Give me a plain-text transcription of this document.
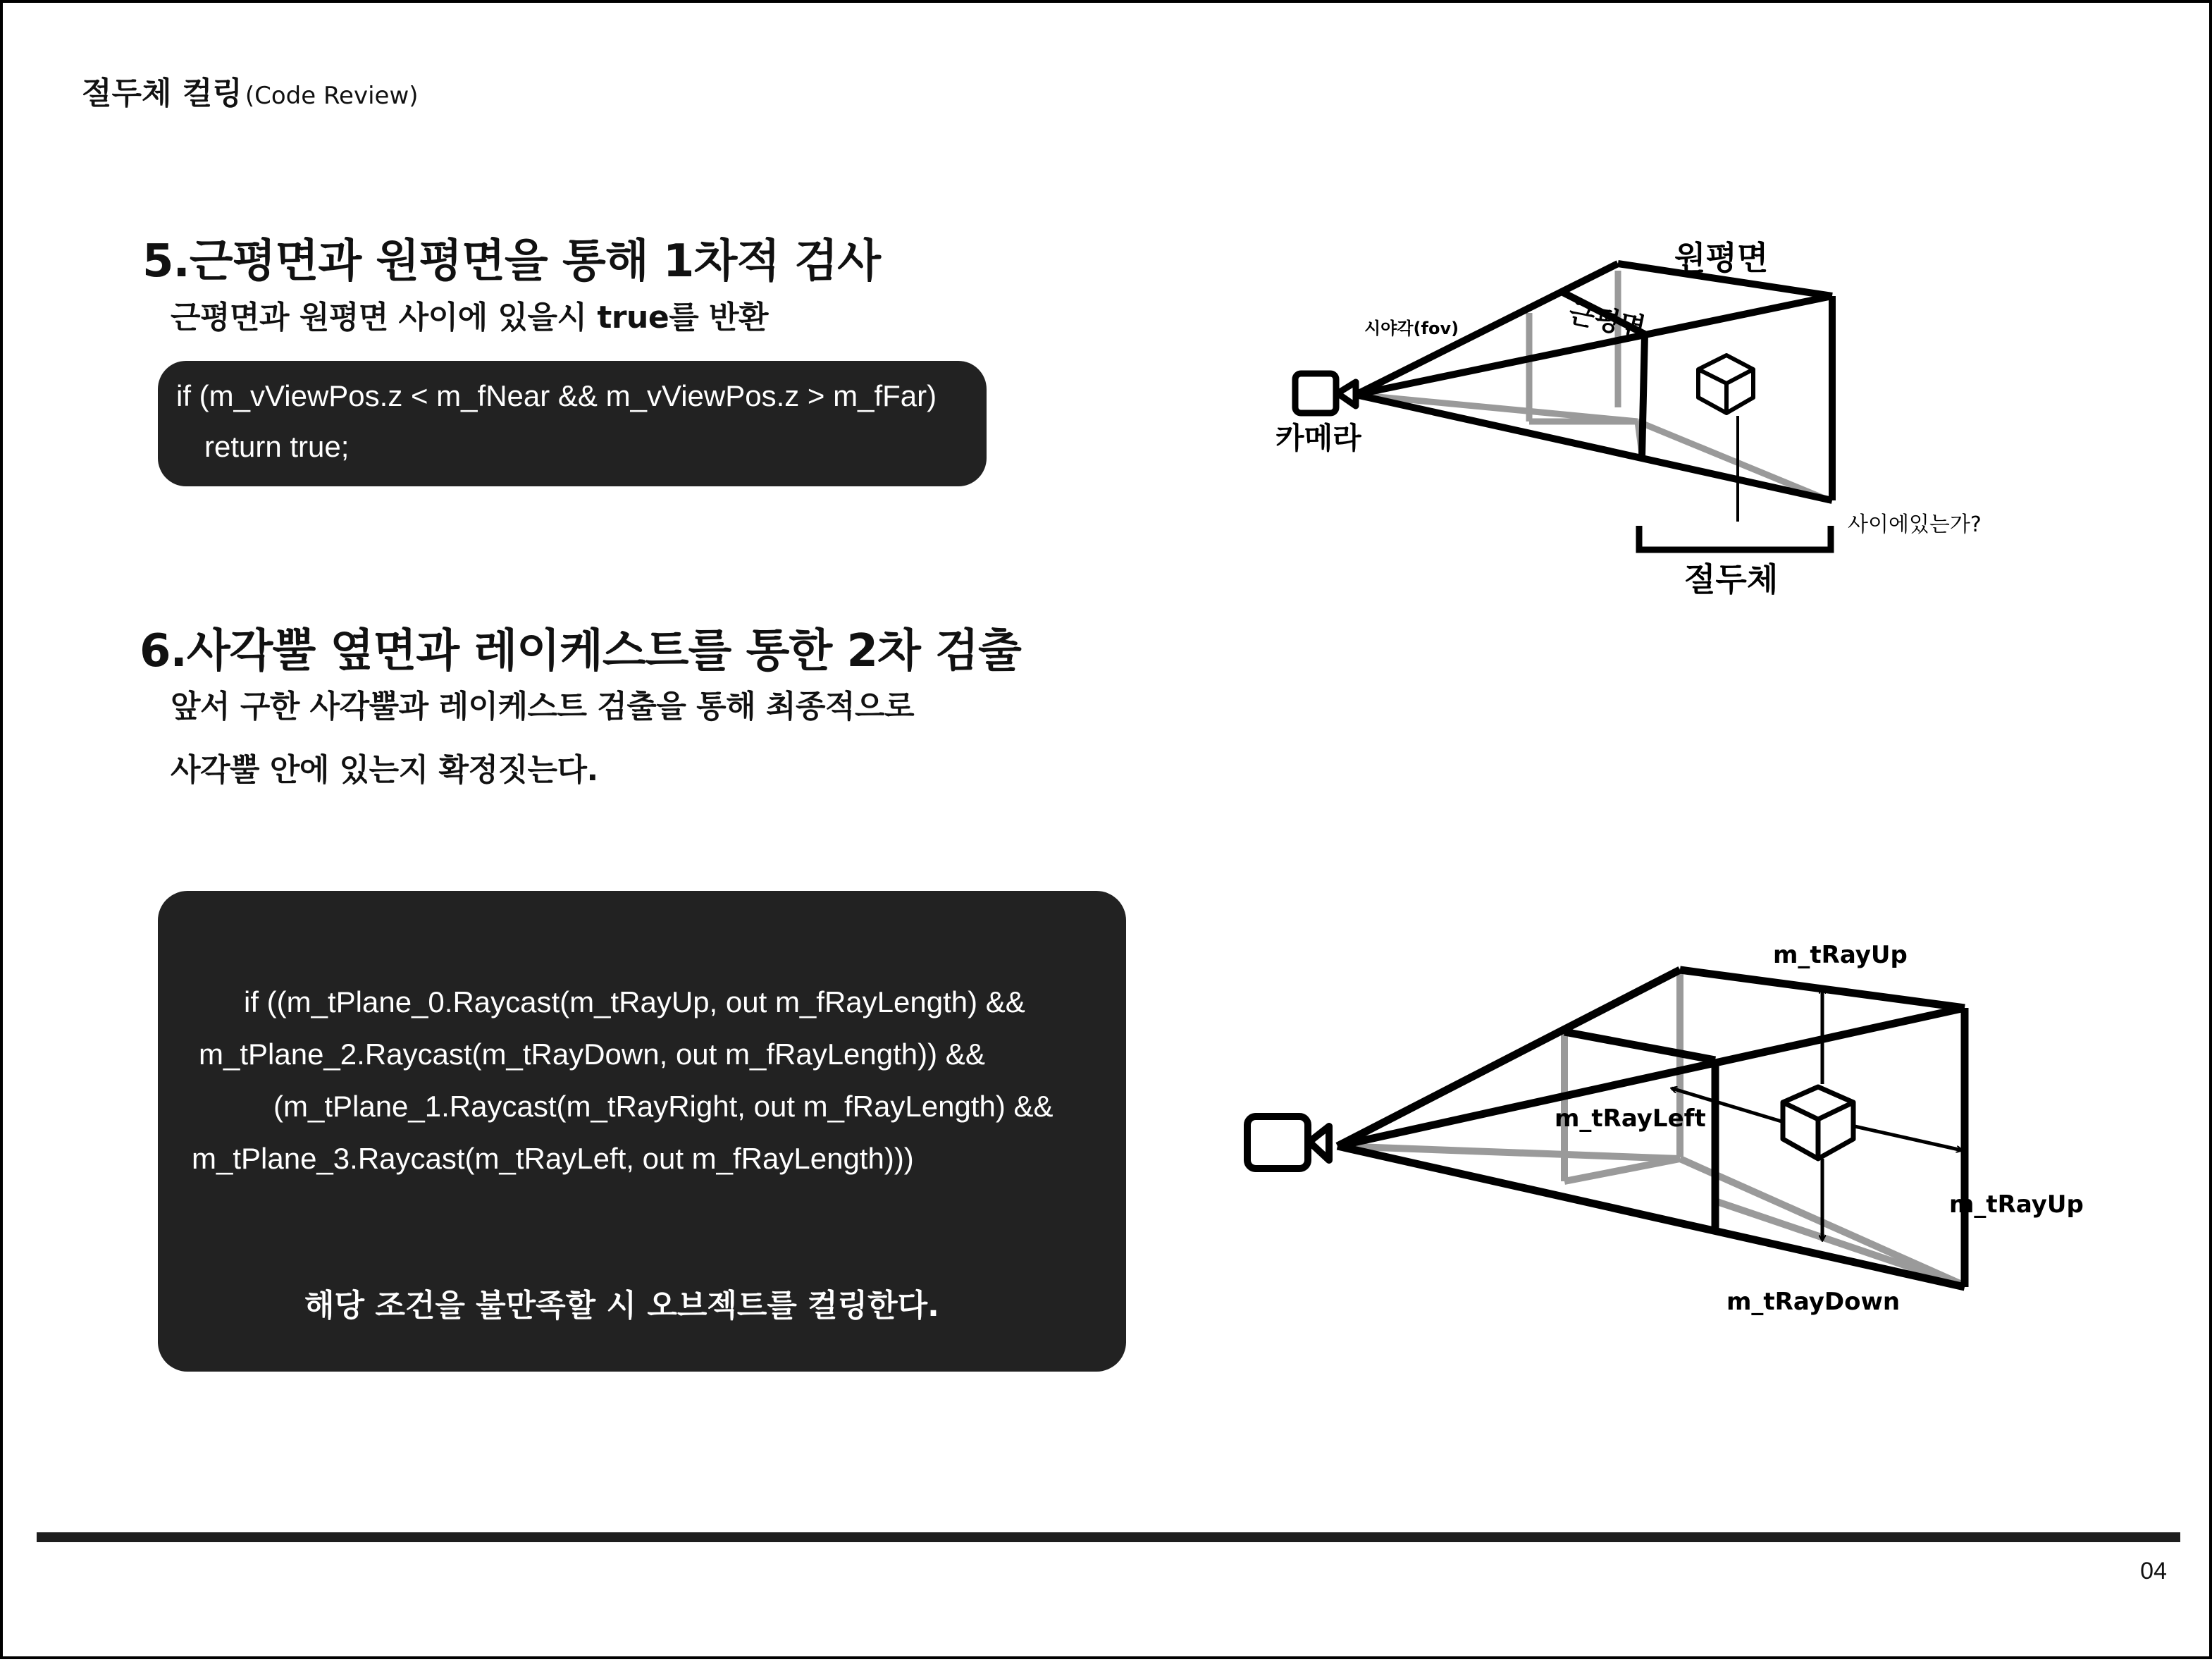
절두체 컬링 (Code Review)
5.근평면과 원평면을 통해 1차적 검사
근평면과 원평면 사이에 있을시 true를 반환
if (m_vViewPos.z < m_fNear && m_vViewPos.z > m_fFar)
return true;
6.사각뿔 옆면과 레이케스트를 통한 2차 검출
앞서 구한 사각뿔과 레이케스트 검출을 통해 최종적으로
사각뿔 안에 있는지 확정짓는다.
if ((m_tPlane_0.Raycast(m_tRayUp, out m_fRayLength) &&
m_tPlane_2.Raycast(m_tRayDown, out m_fRayLength)) &&
(m_tPlane_1.Raycast(m_tRayRight, out m_fRayLength) &&
m_tPlane_3.Raycast(m_tRayLeft, out m_fRayLength)))
해당 조건을 불만족할 시 오브젝트를 컬링한다.
원평면
근평면
시야각(fov)
카메라
사이에있는가?
절두체
m_tRayUp
m_tRayLeft
m_tRayUp
m_tRayDown
04
